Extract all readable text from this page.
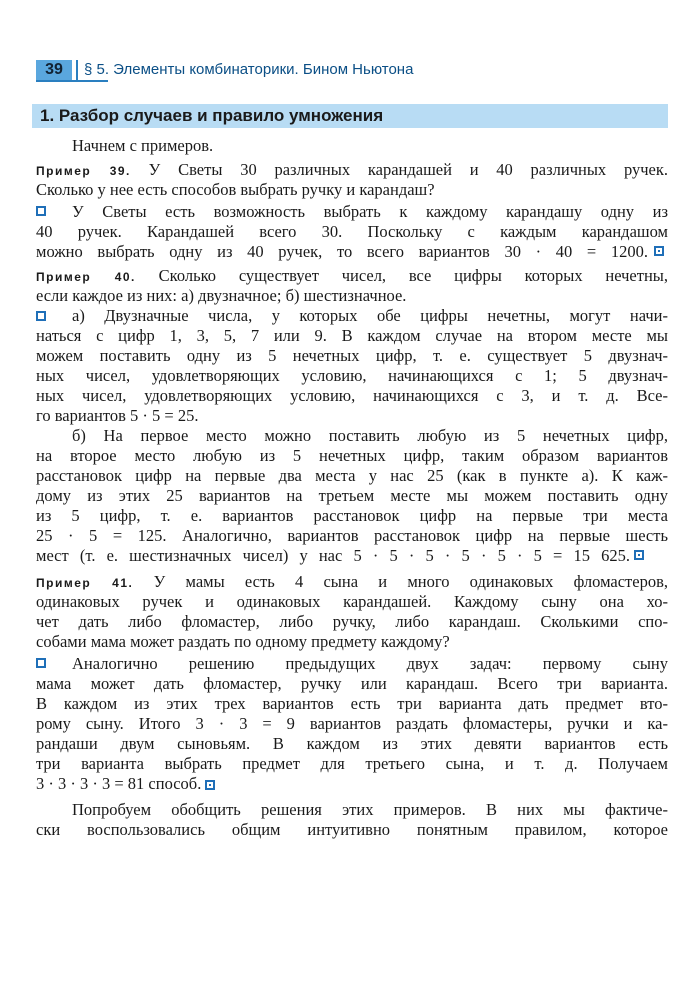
39	§ 5. Элементы комбинаторики. Бином Ньютона
1. Разбор случаев и правило умножения
Начнем с примеров.
Пример 39. У Светы 30 различных карандашей и 40 различных ручек.
Сколько у нее есть способов выбрать ручку и карандаш?
У Светы есть возможность выбрать к каждому карандашу одну из
40 ручек. Карандашей всего 30. Поскольку с каждым карандашом
можно выбрать одну из 40 ручек, то всего вариантов 30 · 40 = 1200.
Пример 40. Сколько существует чисел, все цифры которых нечетны,
если каждое из них: а) двузначное; б) шестизначное.
а) Двузначные числа, у которых обе цифры нечетны, могут начи-
наться с цифр 1, 3, 5, 7 или 9. В каждом случае на втором месте мы
можем поставить одну из 5 нечетных цифр, т. е. существует 5 двузнач-
ных чисел, удовлетворяющих условию, начинающихся с 1; 5 двузнач-
ных чисел, удовлетворяющих условию, начинающихся с 3, и т. д. Все-
го вариантов 5 · 5 = 25.
б) На первое место можно поставить любую из 5 нечетных цифр,
на второе место любую из 5 нечетных цифр, таким образом вариантов
расстановок цифр на первые два места у нас 25 (как в пункте а). К каж-
дому из этих 25 вариантов на третьем месте мы можем поставить одну
из 5 цифр, т. е. вариантов расстановок цифр на первые три места
25 · 5 = 125. Аналогично, вариантов расстановок цифр на первые шесть
мест (т. е. шестизначных чисел) у нас 5 · 5 · 5 · 5 · 5 · 5 = 15 625.
Пример 41. У мамы есть 4 сына и много одинаковых фломастеров,
одинаковых ручек и одинаковых карандашей. Каждому сыну она хо-
чет дать либо фломастер, либо ручку, либо карандаш. Сколькими спо-
собами мама может раздать по одному предмету каждому?
Аналогично решению предыдущих двух задач: первому сыну
мама может дать фломастер, ручку или карандаш. Всего три варианта.
В каждом из этих трех вариантов есть три варианта дать предмет вто-
рому сыну. Итого 3 · 3 = 9 вариантов раздать фломастеры, ручки и ка-
рандаши двум сыновьям. В каждом из этих девяти вариантов есть
три варианта выбрать предмет для третьего сына, и т. д. Получаем
3 · 3 · 3 · 3 = 81 способ.
Попробуем обобщить решения этих примеров. В них мы фактиче-
ски воспользовались общим интуитивно понятным правилом, которое
